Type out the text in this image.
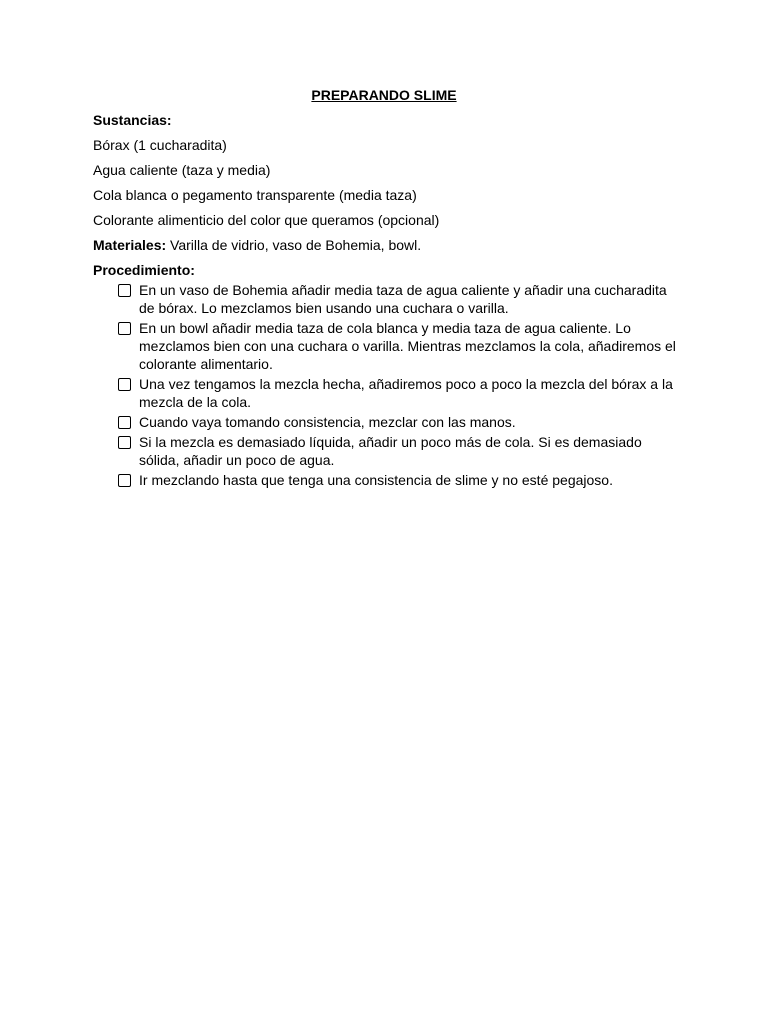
PREPARANDO SLIME
Sustancias:
Bórax (1 cucharadita)
Agua caliente (taza y media)
Cola blanca o pegamento transparente (media taza)
Colorante alimenticio del color que queramos (opcional)
Materiales: Varilla de vidrio, vaso de Bohemia, bowl.
Procedimiento:
En un vaso de Bohemia añadir media taza de agua caliente y añadir una cucharadita de bórax. Lo mezclamos bien usando una cuchara o varilla.
En un bowl añadir media taza de cola blanca y media taza de agua caliente. Lo mezclamos bien con una cuchara o varilla. Mientras mezclamos la cola, añadiremos el colorante alimentario.
Una vez tengamos la mezcla hecha, añadiremos poco a poco la mezcla del bórax a la mezcla de la cola.
Cuando vaya tomando consistencia, mezclar con las manos.
Si la mezcla es demasiado líquida, añadir un poco más de cola. Si es demasiado sólida, añadir un poco de agua.
Ir mezclando hasta que tenga una consistencia de slime y no esté pegajoso.
